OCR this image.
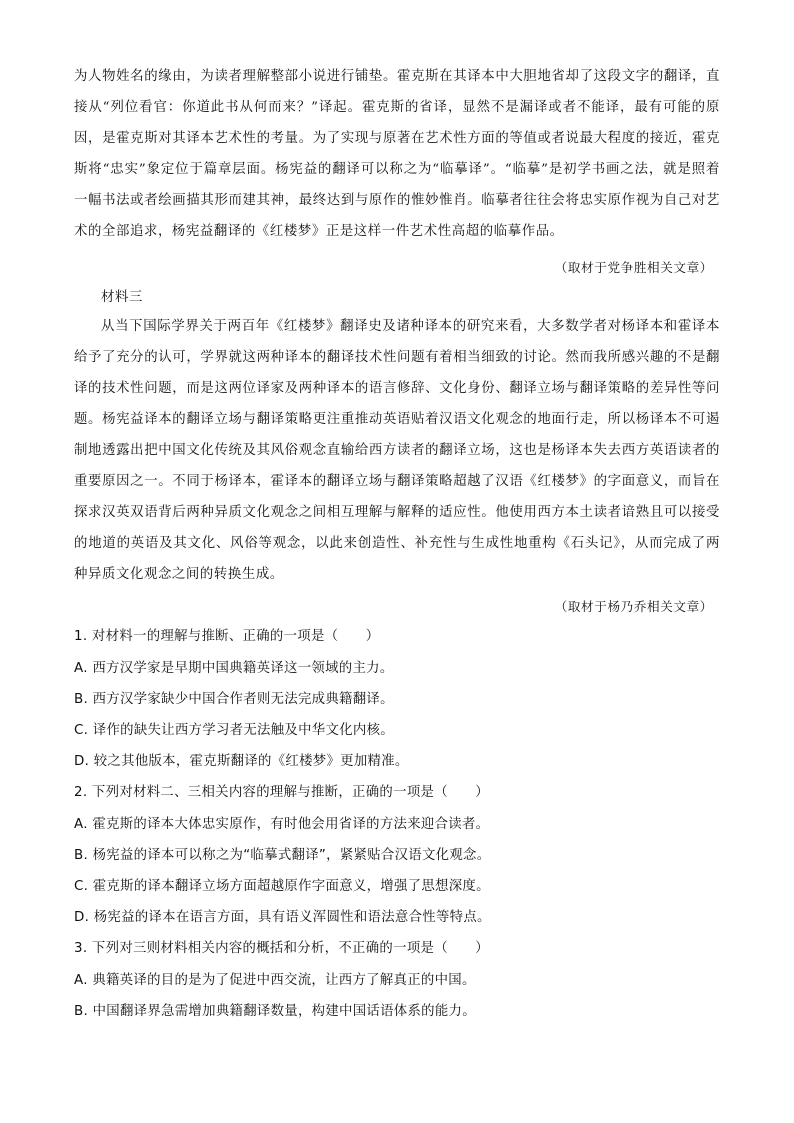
为人物姓名的缘由，为读者理解整部小说进行铺垫。霍克斯在其译本中大胆地省却了这段文字的翻译，直接从“列位看官：你道此书从何而来？”译起。霍克斯的省译，显然不是漏译或者不能译，最有可能的原因，是霍克斯对其译本艺术性的考量。为了实现与原著在艺术性方面的等值或者说最大程度的接近，霍克斯将“忠实”象定位于篇章层面。杨宪益的翻译可以称之为“临摹译”。“临摹”是初学书画之法，就是照着一幅书法或者绘画描其形而建其神，最终达到与原作的惟妙惟肖。临摹者往往会将忠实原作视为自己对艺术的全部追求，杨宪益翻译的《红楼梦》正是这样一件艺术性高超的临摹作品。

（取材于党争胜相关文章）
材料三

从当下国际学界关于两百年《红楼梦》翻译史及诸种译本的研究来看，大多数学者对杨译本和霍译本给予了充分的认可，学界就这两种译本的翻译技术性问题有着相当细致的讨论。然而我所感兴趣的不是翻译的技术性问题，而是这两位译家及两种译本的语言修辞、文化身份、翻译立场与翻译策略的差异性等问题。杨宪益译本的翻译立场与翻译策略更注重推动英语贴着汉语文化观念的地面行走，所以杨译本不可遏制地透露出把中国文化传统及其风俗观念直输给西方读者的翻译立场，这也是杨译本失去西方英语读者的重要原因之一。不同于杨译本，霍译本的翻译立场与翻译策略超越了汉语《红楼梦》的字面意义，而旨在探求汉英双语背后两种异质文化观念之间相互理解与解释的适应性。他使用西方本土读者谙熟且可以接受的地道的英语及其文化、风俗等观念，以此来创造性、补充性与生成性地重构《石头记》，从而完成了两种异质文化观念之间的转换生成。

（取材于杨乃乔相关文章）
1. 对材料一的理解与推断、正确的一项是（　　）
A. 西方汉学家是早期中国典籍英译这一领域的主力。
B. 西方汉学家缺少中国合作者则无法完成典籍翻译。
C. 译作的缺失让西方学习者无法触及中华文化内核。
D. 较之其他版本，霍克斯翻译的《红楼梦》更加精准。
2. 下列对材料二、三相关内容的理解与推断，正确的一项是（　　）
A. 霍克斯的译本大体忠实原作，有时他会用省译的方法来迎合读者。
B. 杨宪益的译本可以称之为“临摹式翻译”，紧紧贴合汉语文化观念。
C. 霍克斯的译本翻译立场方面超越原作字面意义，增强了思想深度。
D. 杨宪益的译本在语言方面，具有语义浑圆性和语法意合性等特点。
3. 下列对三则材料相关内容的概括和分析，不正确的一项是（　　）
A. 典籍英译的目的是为了促进中西交流，让西方了解真正的中国。
B. 中国翻译界急需增加典籍翻译数量，构建中国话语体系的能力。
